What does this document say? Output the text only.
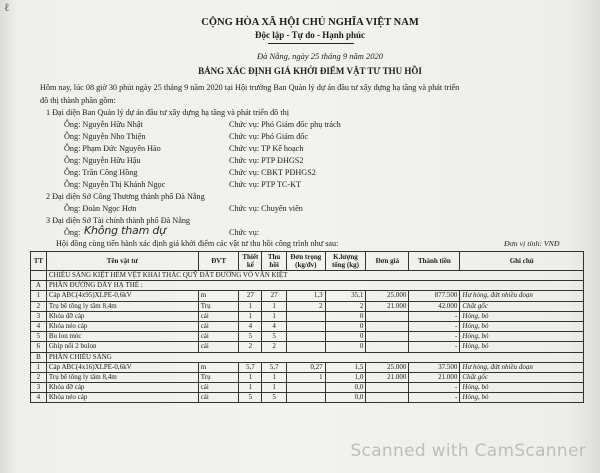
ℓ
CỘNG HÒA XÃ HỘI CHỦ NGHĨA VIỆT NAM
Độc lập - Tự do - Hạnh phúc
Đà Nẵng, ngày 25 tháng 9 năm 2020
BẢNG XÁC ĐỊNH GIÁ KHỞI ĐIỂM VẬT TƯ THU HỒI
Hôm nay, lúc 08 giờ 30 phút ngày 25 tháng 9 năm 2020 tại Hội trường Ban Quản lý dự án đầu tư xây dựng hạ tầng và phát triển
đô thị thành phần gồm:
1 Đại diện Ban Quản lý dự án đầu tư xây dựng hạ tầng và phát triển đô thị
Ông: Nguyễn Hữu Nhật	Chức vụ: Phó Giám đốc phụ trách
Ông: Nguyễn Nho Thiện	Chức vụ: Phó Giám đốc
Ông: Phạm Đức Nguyên Hào	Chức vụ: TP Kế hoạch
Ông: Nguyễn Hữu Hậu	Chức vụ: PTP ĐHGS2
Ông: Trần Công Hồng	Chức vụ: CBKT PĐHGS2
Ông: Nguyễn Thị Khánh Ngọc	Chức vụ: PTP TC-KT
2 Đại diện Sở Công Thương thành phố Đà Nẵng
Ông: Đoàn Ngọc Hơn	Chức vụ: Chuyên viên
3 Đại diện Sở Tài chính thành phố Đà Nẵng
Ông: Không tham dự	Chức vụ:
Hội đồng cùng tiến hành xác định giá khởi điểm các vật tư thu hồi công trình như sau:	Đơn vị tính: VNĐ
TT	Tên vật tư	ĐVT	Thiết kế	Thu hồi	Đơn trọng (kg/đv)	K.lượng tổng (kg)	Đơn giá	Thành tiền	Ghi chú
	CHIẾU SÁNG KIỆT HẺM VỆT KHAI THÁC QUỸ ĐẤT ĐƯỜNG VÕ VĂN KIỆT								
A	PHẦN ĐƯỜNG DÂY HẠ THẾ :								
1	Cáp ABC(4x95)XLPE-0,6kV	m	27	27	1,3	35,1	25.000	877.500	Hư hỏng, đứt nhiều đoạn
2	Trụ bê tông ly tâm 8,4m	Trụ	1	1	2	2	21.000	42.000	Chất gốc
3	Khóa đỡ cáp	cái	1	1		0		-	Hỏng, bỏ
4	Khóa néo cáp	cái	4	4		0		-	Hỏng, bỏ
5	Bu lon móc	cái	5	5		0		-	Hỏng, bỏ
6	Ghíp nối 2 bulon	cái	2	2		0		-	Hỏng, bỏ
B	PHẦN CHIẾU SÁNG								
1	Cáp ABC(4x16)XLPE-0,6kV	m	5,7	5,7	0,27	1,5	25.000	37.500	Hư hỏng, đứt nhiều đoạn
2	Trụ bê tông ly tâm 8,4m	Trụ	1	1	1	1,0	21.000	21.000	Chất gốc
3	Khóa đỡ cáp	cái	1	1		0,0		-	Hỏng, bỏ
4	Khóa néo cáp	cái	5	5		0,0		-	Hỏng, bỏ
Scanned with CamScanner
